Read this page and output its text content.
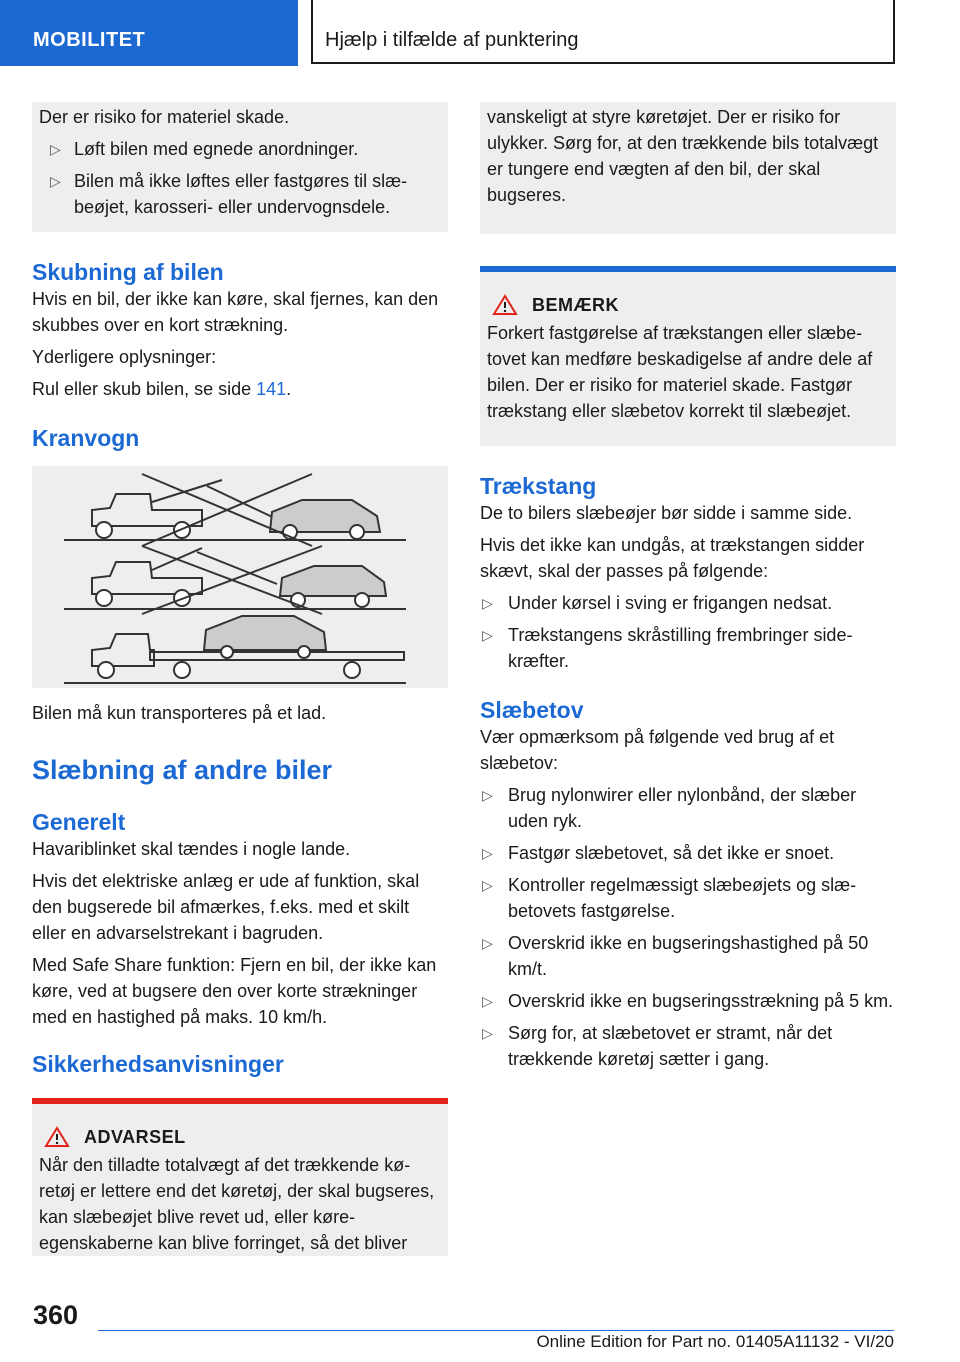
MOBILITET	Hjælp i tilfælde af punktering

Der er risiko for materiel skade.

▷ Løft bilen med egnede anordninger.
▷ Bilen må ikke løftes eller fastgøres til slæbeøjet, karosseri- eller undervognsdele.
Skubning af bilen

Hvis en bil, der ikke kan køre, skal fjernes, kan den skubbes over en kort strækning.

Yderligere oplysninger:

Rul eller skub bilen, se side 141.

Kranvogn

Bilen må kun transporteres på et lad.

Slæbning af andre biler
Generelt

Havariblinket skal tændes i nogle lande.

Hvis det elektriske anlæg er ude af funktion, skal den bugserede bil afmærkes, f.eks. med et skilt eller en advarselstrekant i bagruden.

Med Safe Share funktion: Fjern en bil, der ikke kan køre, ved at bugsere den over korte strækninger med en hastighed på maks. 10 km/h.

Sikkerhedsanvisninger
ADVARSEL
Når den tilladte totalvægt af det trækkende køretøj er lettere end det køretøj, der skal bugseres, kan slæbeøjet blive revet ud, eller køreegenskaberne kan blive forringet, så det bliver

vanskeligt at styre køretøjet. Der er risiko for ulykker. Sørg for, at den trækkende bils totalvægt er tungere end vægten af den bil, der skal bugseres.

BEMÆRK
Forkert fastgørelse af trækstangen eller slæbetovet kan medføre beskadigelse af andre dele af bilen. Der er risiko for materiel skade. Fastgør trækstang eller slæbetov korrekt til slæbeøjet.
Trækstang

De to bilers slæbeøjer bør sidde i samme side.

Hvis det ikke kan undgås, at trækstangen sidder skævt, skal der passes på følgende:

▷ Under kørsel i sving er frigangen nedsat.
▷ Trækstangens skråstilling frembringer sidekræfter.
Slæbetov

Vær opmærksom på følgende ved brug af et slæbetov:

▷ Brug nylonwirer eller nylonbånd, der slæber uden ryk.
▷ Fastgør slæbetovet, så det ikke er snoet.
▷ Kontroller regelmæssigt slæbeøjets og slæbetovets fastgørelse.
▷ Overskrid ikke en bugseringshastighed på 50 km/t.
▷ Overskrid ikke en bugseringsstrækning på 5 km.
▷ Sørg for, at slæbetovet er stramt, når det trækkende køretøj sætter i gang.
360
Online Edition for Part no. 01405A11132 - VI/20
